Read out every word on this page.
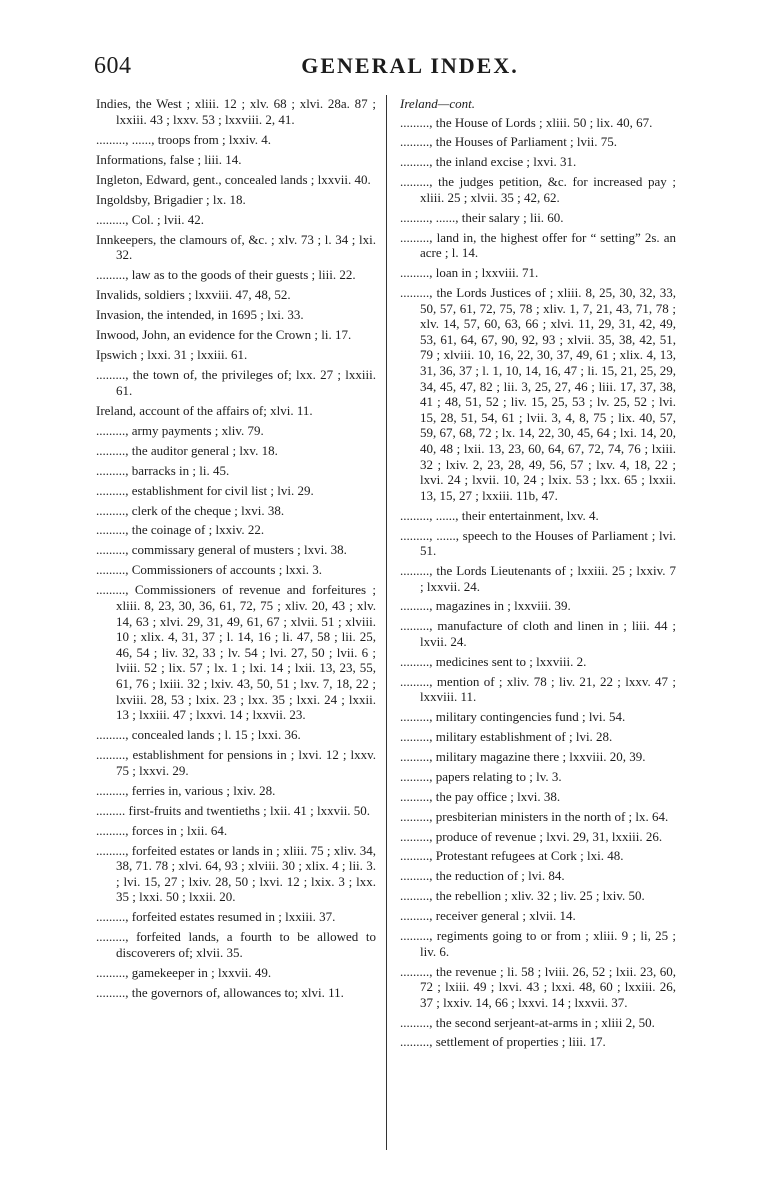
604	GENERAL INDEX.

Indies, the West ; xliii. 12 ; xlv. 68 ; xlvi. 28a. 87 ; lxxiii. 43 ; lxxv. 53 ; lxxviii. 2, 41.

........., ......, troops from ; lxxiv. 4.

Informations, false ; liii. 14.

Ingleton, Edward, gent., concealed lands ; lxxvii. 40.

Ingoldsby, Brigadier ; lx. 18.

........., Col. ; lvii. 42.

Innkeepers, the clamours of, &c. ; xlv. 73 ; l. 34 ; lxi. 32.

........., law as to the goods of their guests ; liii. 22.

Invalids, soldiers ; lxxviii. 47, 48, 52.

Invasion, the intended, in 1695 ; lxi. 33.

Inwood, John, an evidence for the Crown ; li. 17.

Ipswich ; lxxi. 31 ; lxxiii. 61.

........., the town of, the privileges of; lxx. 27 ; lxxiii. 61.

Ireland, account of the affairs of; xlvi. 11.

........., army payments ; xliv. 79.

........., the auditor general ; lxv. 18.

........., barracks in ; li. 45.

........., establishment for civil list ; lvi. 29.

........., clerk of the cheque ; lxvi. 38.

........., the coinage of ; lxxiv. 22.

........., commissary general of musters ; lxvi. 38.

........., Commissioners of accounts ; lxxi. 3.

........., Commissioners of revenue and forfeitures ; xliii. 8, 23, 30, 36, 61, 72, 75 ; xliv. 20, 43 ; xlv. 14, 63 ; xlvi. 29, 31, 49, 61, 67 ; xlvii. 51 ; xlviii. 10 ; xlix. 4, 31, 37 ; l. 14, 16 ; li. 47, 58 ; lii. 25, 46, 54 ; liv. 32, 33 ; lv. 54 ; lvi. 27, 50 ; lvii. 6 ; lviii. 52 ; lix. 57 ; lx. 1 ; lxi. 14 ; lxii. 13, 23, 55, 61, 76 ; lxiii. 32 ; lxiv. 43, 50, 51 ; lxv. 7, 18, 22 ; lxviii. 28, 53 ; lxix. 23 ; lxx. 35 ; lxxi. 24 ; lxxii. 13 ; lxxiii. 47 ; lxxvi. 14 ; lxxvii. 23.

........., concealed lands ; l. 15 ; lxxi. 36.

........., establishment for pensions in ; lxvi. 12 ; lxxv. 75 ; lxxvi. 29.

........., ferries in, various ; lxiv. 28.

......... first-fruits and twentieths ; lxii. 41 ; lxxvii. 50.

........., forces in ; lxii. 64.

........., forfeited estates or lands in ; xliii. 75 ; xliv. 34, 38, 71. 78 ; xlvi. 64, 93 ; xlviii. 30 ; xlix. 4 ; lii. 3. ; lvi. 15, 27 ; lxiv. 28, 50 ; lxvi. 12 ; lxix. 3 ; lxx. 35 ; lxxi. 50 ; lxxii. 20.

........., forfeited estates resumed in ; lxxiii. 37.

........., forfeited lands, a fourth to be allowed to discoverers of; xlvii. 35.

........., gamekeeper in ; lxxvii. 49.

........., the governors of, allowances to; xlvi. 11.

Ireland—cont.

........., the House of Lords ; xliii. 50 ; lix. 40, 67.

........., the Houses of Parliament ; lvii. 75.

........., the inland excise ; lxvi. 31.

........., the judges petition, &c. for increased pay ; xliii. 25 ; xlvii. 35 ; 42, 62.

........., ......, their salary ; lii. 60.

........., land in, the highest offer for “ setting” 2s. an acre ; l. 14.

........., loan in ; lxxviii. 71.

........., the Lords Justices of ; xliii. 8, 25, 30, 32, 33, 50, 57, 61, 72, 75, 78 ; xliv. 1, 7, 21, 43, 71, 78 ; xlv. 14, 57, 60, 63, 66 ; xlvi. 11, 29, 31, 42, 49, 53, 61, 64, 67, 90, 92, 93 ; xlvii. 35, 38, 42, 51, 79 ; xlviii. 10, 16, 22, 30, 37, 49, 61 ; xlix. 4, 13, 31, 36, 37 ; l. 1, 10, 14, 16, 47 ; li. 15, 21, 25, 29, 34, 45, 47, 82 ; lii. 3, 25, 27, 46 ; liii. 17, 37, 38, 41 ; 48, 51, 52 ; liv. 15, 25, 53 ; lv. 25, 52 ; lvi. 15, 28, 51, 54, 61 ; lvii. 3, 4, 8, 75 ; lix. 40, 57, 59, 67, 68, 72 ; lx. 14, 22, 30, 45, 64 ; lxi. 14, 20, 40, 48 ; lxii. 13, 23, 60, 64, 67, 72, 74, 76 ; lxiii. 32 ; lxiv. 2, 23, 28, 49, 56, 57 ; lxv. 4, 18, 22 ; lxvi. 24 ; lxvii. 10, 24 ; lxix. 53 ; lxx. 65 ; lxxii. 13, 15, 27 ; lxxiii. 11b, 47.

........., ......, their entertainment, lxv. 4.

........., ......, speech to the Houses of Parliament ; lvi. 51.

........., the Lords Lieutenants of ; lxxiii. 25 ; lxxiv. 7 ; lxxvii. 24.

........., magazines in ; lxxviii. 39.

........., manufacture of cloth and linen in ; liii. 44 ; lxvii. 24.

........., medicines sent to ; lxxviii. 2.

........., mention of ; xliv. 78 ; liv. 21, 22 ; lxxv. 47 ; lxxviii. 11.

........., military contingencies fund ; lvi. 54.

........., military establishment of ; lvi. 28.

........., military magazine there ; lxxviii. 20, 39.

........., papers relating to ; lv. 3.

........., the pay office ; lxvi. 38.

........., presbiterian ministers in the north of ; lx. 64.

........., produce of revenue ; lxvi. 29, 31, lxxiii. 26.

........., Protestant refugees at Cork ; lxi. 48.

........., the reduction of ; lvi. 84.

........., the rebellion ; xliv. 32 ; liv. 25 ; lxiv. 50.

........., receiver general ; xlvii. 14.

........., regiments going to or from ; xliii. 9 ; li, 25 ; liv. 6.

........., the revenue ; li. 58 ; lviii. 26, 52 ; lxii. 23, 60, 72 ; lxiii. 49 ; lxvi. 43 ; lxxi. 48, 60 ; lxxiii. 26, 37 ; lxxiv. 14, 66 ; lxxvi. 14 ; lxxvii. 37.

........., the second serjeant-at-arms in ; xliii 2, 50.

........., settlement of properties ; liii. 17.
